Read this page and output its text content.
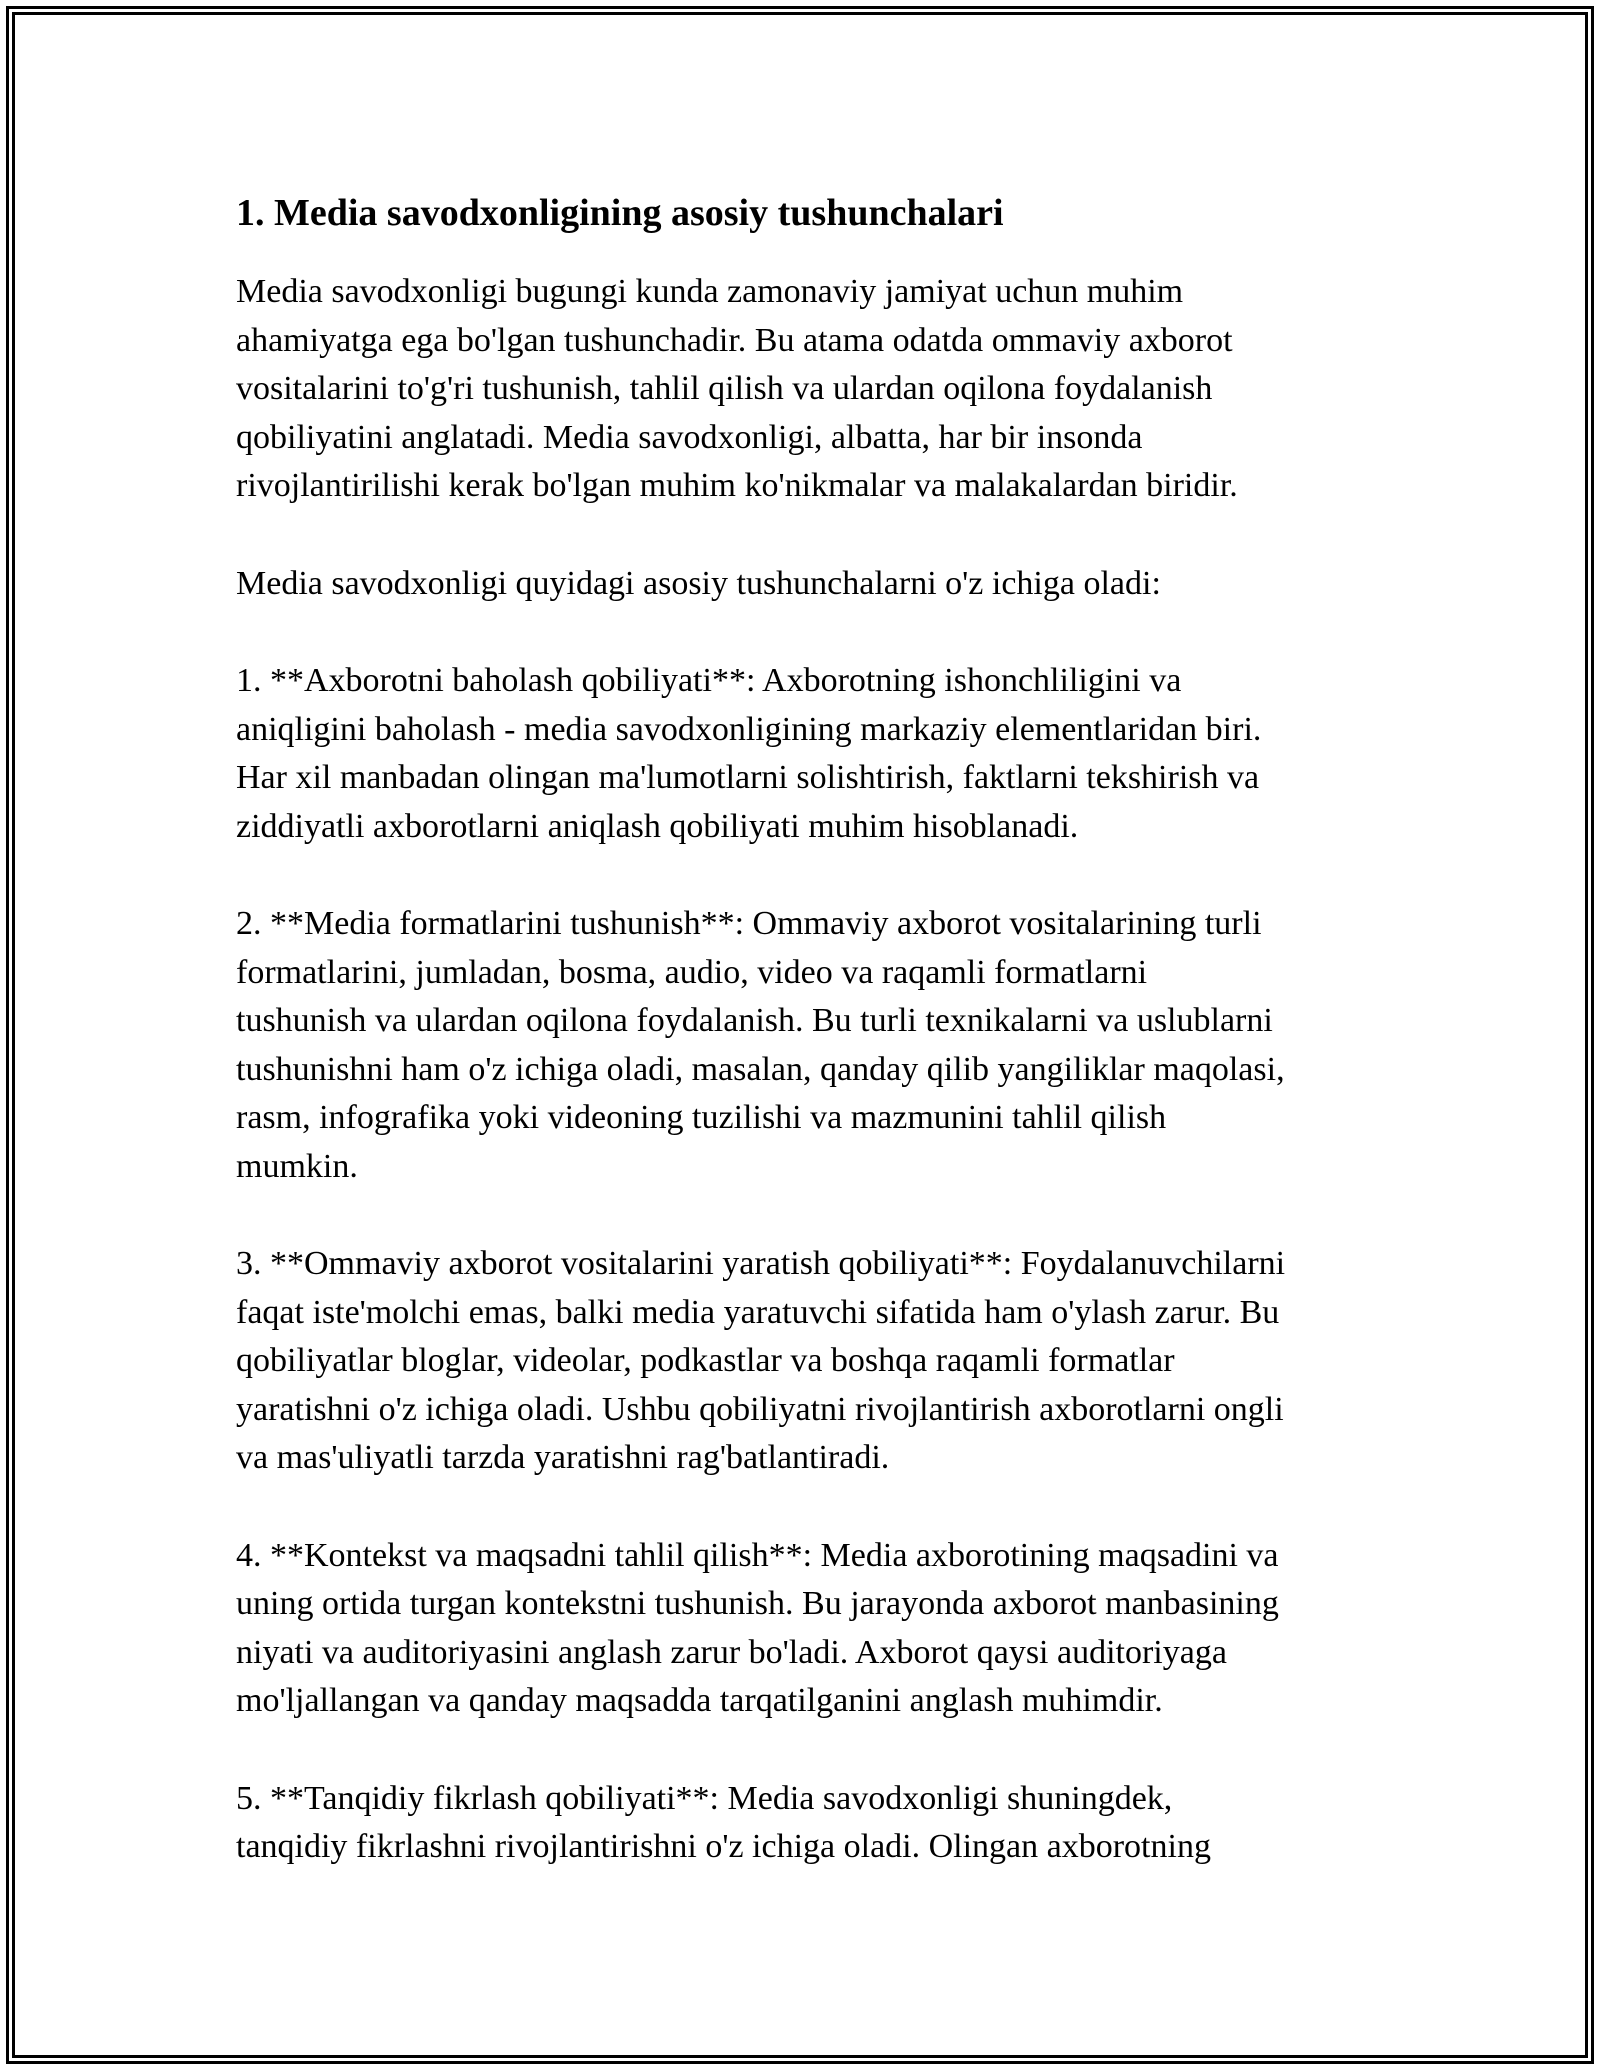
1. Media savodxonligining asosiy tushunchalari

Media savodxonligi bugungi kunda zamonaviy jamiyat uchun muhim
ahamiyatga ega bo'lgan tushunchadir. Bu atama odatda ommaviy axborot
vositalarini to'g'ri tushunish, tahlil qilish va ulardan oqilona foydalanish
qobiliyatini anglatadi. Media savodxonligi, albatta, har bir insonda
rivojlantirilishi kerak bo'lgan muhim ko'nikmalar va malakalardan biridir.

Media savodxonligi quyidagi asosiy tushunchalarni o'z ichiga oladi:

1. **Axborotni baholash qobiliyati**: Axborotning ishonchliligini va
aniqligini baholash - media savodxonligining markaziy elementlaridan biri.
Har xil manbadan olingan ma'lumotlarni solishtirish, faktlarni tekshirish va
ziddiyatli axborotlarni aniqlash qobiliyati muhim hisoblanadi.

2. **Media formatlarini tushunish**: Ommaviy axborot vositalarining turli
formatlarini, jumladan, bosma, audio, video va raqamli formatlarni
tushunish va ulardan oqilona foydalanish. Bu turli texnikalarni va uslublarni
tushunishni ham o'z ichiga oladi, masalan, qanday qilib yangiliklar maqolasi,
rasm, infografika yoki videoning tuzilishi va mazmunini tahlil qilish
mumkin.

3. **Ommaviy axborot vositalarini yaratish qobiliyati**: Foydalanuvchilarni
faqat iste'molchi emas, balki media yaratuvchi sifatida ham o'ylash zarur. Bu
qobiliyatlar bloglar, videolar, podkastlar va boshqa raqamli formatlar
yaratishni o'z ichiga oladi. Ushbu qobiliyatni rivojlantirish axborotlarni ongli
va mas'uliyatli tarzda yaratishni rag'batlantiradi.

4. **Kontekst va maqsadni tahlil qilish**: Media axborotining maqsadini va
uning ortida turgan kontekstni tushunish. Bu jarayonda axborot manbasining
niyati va auditoriyasini anglash zarur bo'ladi. Axborot qaysi auditoriyaga
mo'ljallangan va qanday maqsadda tarqatilganini anglash muhimdir.

5. **Tanqidiy fikrlash qobiliyati**: Media savodxonligi shuningdek,
tanqidiy fikrlashni rivojlantirishni o'z ichiga oladi. Olingan axborotning
